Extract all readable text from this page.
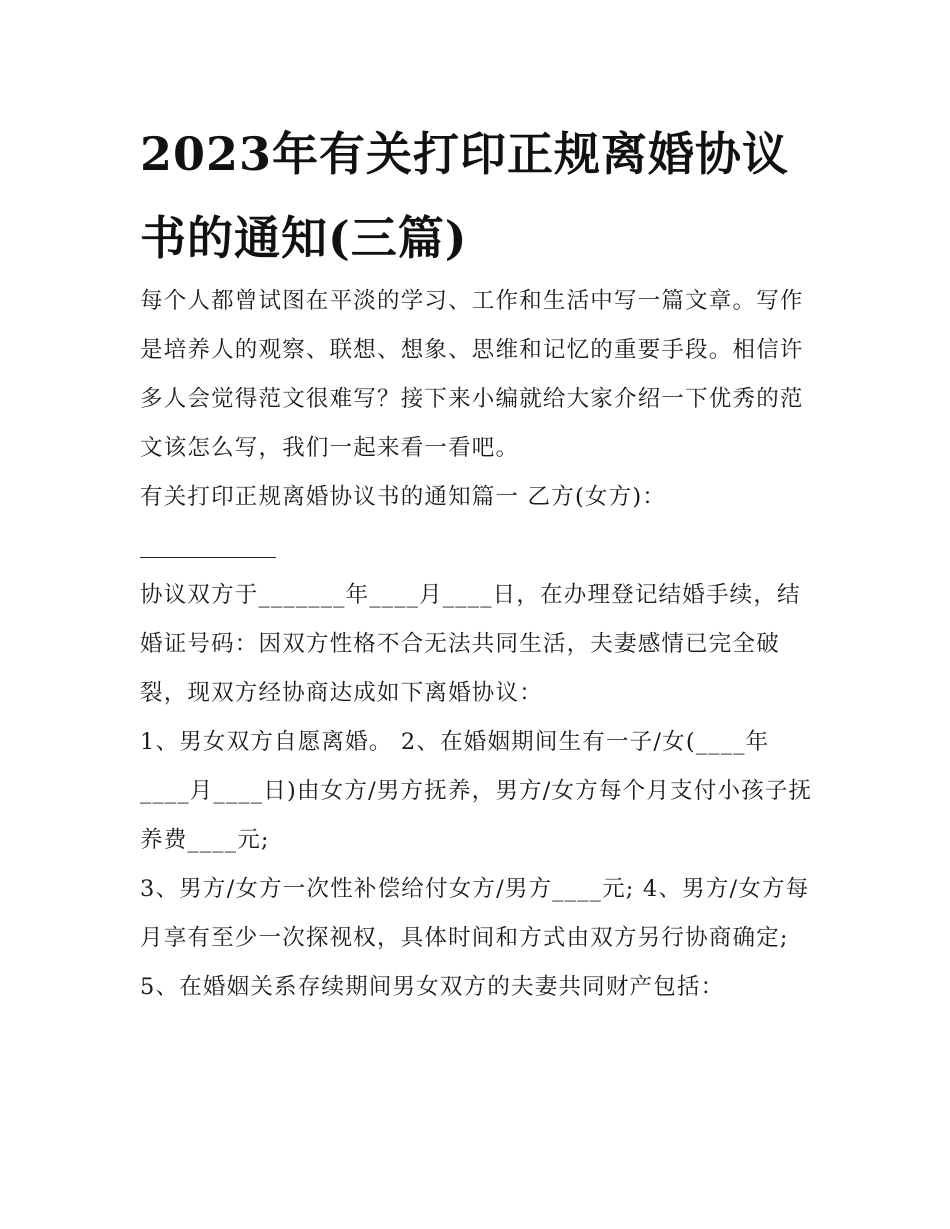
2023年有关打印正规离婚协议书的通知(三篇)

每个人都曾试图在平淡的学习、工作和生活中写一篇文章。写作是培养人的观察、联想、想象、思维和记忆的重要手段。相信许多人会觉得范文很难写？接下来小编就给大家介绍一下优秀的范文该怎么写，我们一起来看一看吧。

有关打印正规离婚协议书的通知篇一 乙方(女方)：

协议双方于_______年____月____日，在办理登记结婚手续，结婚证号码：因双方性格不合无法共同生活，夫妻感情已完全破裂，现双方经协商达成如下离婚协议：

1、男女双方自愿离婚。 2、在婚姻期间生有一子/女(____年____月____日)由女方/男方抚养，男方/女方每个月支付小孩子抚养费____元;

3、男方/女方一次性补偿给付女方/男方____元; 4、男方/女方每月享有至少一次探视权，具体时间和方式由双方另行协商确定;

5、在婚姻关系存续期间男女双方的夫妻共同财产包括：
